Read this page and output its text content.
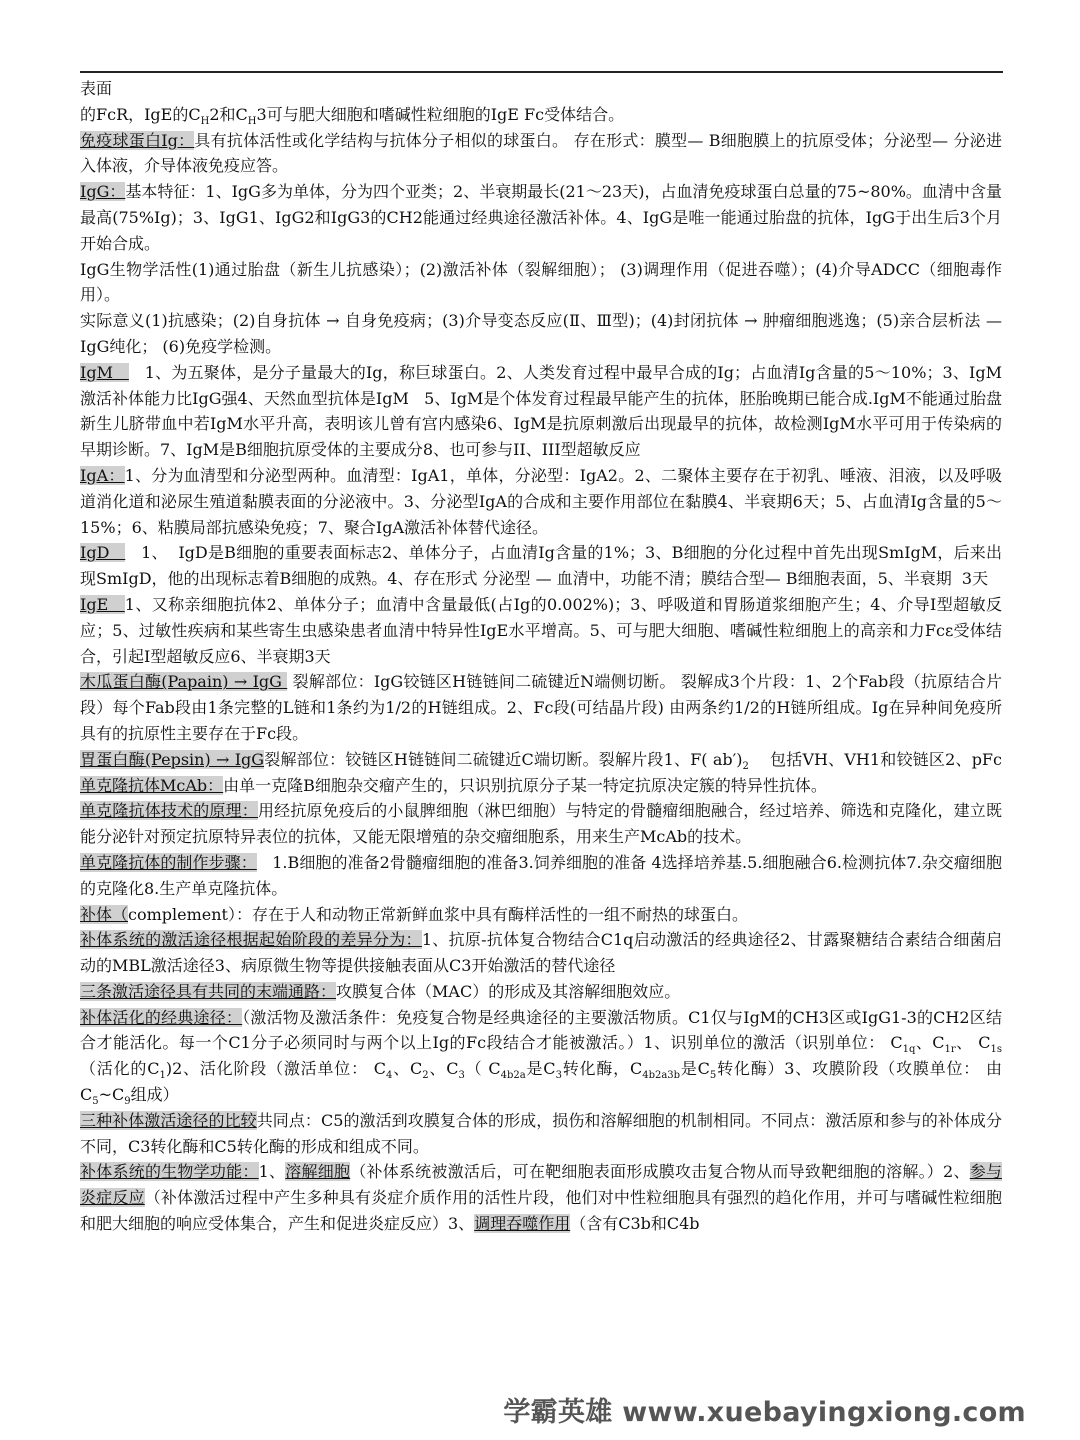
表面

的FcR，IgE的$C_H2$和$C_H3$可与肥大细胞和嗜碱性粒细胞的IgE Fc受体结合。

免疫球蛋白Ig：具有抗体活性或化学结构与抗体分子相似的球蛋白。 存在形式：膜型— B细胞膜上的抗原受体；分泌型— 分泌进入体液，介导体液免疫应答。

IgG：基本特征：1、IgG多为单体，分为四个亚类；2、半衰期最长(21～23天)，占血清免疫球蛋白总量的75~80%。血清中含量最高(75%Ig)；3、IgG1、IgG2和IgG3的CH2能通过经典途径激活补体。4、IgG是唯一能通过胎盘的抗体，IgG于出生后3个月开始合成。

IgG生物学活性(1)通过胎盘（新生儿抗感染）；(2)激活补体（裂解细胞）； (3)调理作用（促进吞噬）；(4)介导ADCC（细胞毒作用）。

实际意义(1)抗感染；(2)自身抗体 → 自身免疫病；(3)介导变态反应(Ⅱ、Ⅲ型)；(4)封闭抗体 → 肿瘤细胞逃逸；(5)亲合层析法 — IgG纯化； (6)免疫学检测。

IgM      1、为五聚体，是分子量最大的Ig，称巨球蛋白。2、人类发育过程中最早合成的Ig；占血清Ig含量的5～10%；3、IgM激活补体能力比IgG强4、天然血型抗体是IgM   5、IgM是个体发育过程最早能产生的抗体，胚胎晚期已能合成.IgM不能通过胎盘新生儿脐带血中若IgM水平升高，表明该儿曾有宫内感染6、IgM是抗原刺激后出现最早的抗体，故检测IgM水平可用于传染病的早期诊断。7、IgM是B细胞抗原受体的主要成分8、也可参与II、III型超敏反应

IgA：1、分为血清型和分泌型两种。血清型：IgA1，单体，分泌型：IgA2。2、二聚体主要存在于初乳、唾液、泪液，以及呼吸道消化道和泌尿生殖道黏膜表面的分泌液中。3、分泌型IgA的合成和主要作用部位在黏膜4、半衰期6天；5、占血清Ig含量的5～15%；6、粘膜局部抗感染免疫；7、聚合IgA激活补体替代途径。

IgD      1、  IgD是B细胞的重要表面标志2、单体分子，占血清Ig含量的1%；3、B细胞的分化过程中首先出现SmIgM，后来出现SmIgD，他的出现标志着B细胞的成熟。4、存在形式 分泌型 — 血清中，功能不清；膜结合型— B细胞表面，5、半衰期  3天

IgE   1、又称亲细胞抗体2、单体分子；血清中含量最低(占Ig的0.002%)；3、呼吸道和胃肠道浆细胞产生；4、介导Ⅰ型超敏反应；5、过敏性疾病和某些寄生虫感染患者血清中特异性IgE水平增高。5、可与肥大细胞、嗜碱性粒细胞上的高亲和力Fcε受体结合，引起Ⅰ型超敏反应6、半衰期3天

木瓜蛋白酶(Papain) → IgG  裂解部位：IgG铰链区H链链间二硫键近N端侧切断。 裂解成3个片段：1、2个Fab段（抗原结合片段）每个Fab段由1条完整的L链和1条约为1/2的H链组成。2、Fc段(可结晶片段) 由两条约1/2的H链所组成。Ig在异种间免疫所具有的抗原性主要存在于Fc段。

胃蛋白酶(Pepsin) → IgG裂解部位：铰链区H链链间二硫键近C端切断。裂解片段1、F( $ab')_2$    包括VH、VH1和铰链区2、pFc单克隆抗体McAb：由单一克隆B细胞杂交瘤产生的，只识别抗原分子某一特定抗原决定簇的特异性抗体。

单克隆抗体技术的原理：用经抗原免疫后的小鼠脾细胞（淋巴细胞）与特定的骨髓瘤细胞融合，经过培养、筛选和克隆化，建立既能分泌针对预定抗原特异表位的抗体，又能无限增殖的杂交瘤细胞系，用来生产McAb的技术。

单克隆抗体的制作步骤：   1.B细胞的准备2骨髓瘤细胞的准备3.饲养细胞的准备 4选择培养基.5.细胞融合6.检测抗体7.杂交瘤细胞的克隆化8.生产单克隆抗体。

补体（complement）：存在于人和动物正常新鲜血浆中具有酶样活性的一组不耐热的球蛋白。

补体系统的激活途径根据起始阶段的差异分为：1、抗原-抗体复合物结合C1q启动激活的经典途径2、甘露聚糖结合素结合细菌启动的MBL激活途径3、病原微生物等提供接触表面从C3开始激活的替代途径

三条激活途径具有共同的末端通路：攻膜复合体（MAC）的形成及其溶解细胞效应。

补体活化的经典途径：（激活物及激活条件：免疫复合物是经典途径的主要激活物质。C1仅与IgM的CH3区或IgG1-3的CH2区结合才能活化。每一个C1分子必须同时与两个以上Ig的Fc段结合才能被激活。）1、识别单位的激活（识别单位： $C_{1q}$、$C_{1r}$、 $C_{1s}$（活化的$C_1)2$、活化阶段（激活单位： $C_4$、$C_2$、$C_3$（ $C_{4b2a}$是$C_3$转化酶，$C_{4b2a3b}$是$C_5$转化酶）3、攻膜阶段（攻膜单位： 由$C_5\sim C_9$组成）

三种补体激活途径的比较共同点：C5的激活到攻膜复合体的形成，损伤和溶解细胞的机制相同。不同点：激活原和参与的补体成分不同，C3转化酶和C5转化酶的形成和组成不同。

补体系统的生物学功能：1、溶解细胞（补体系统被激活后，可在靶细胞表面形成膜攻击复合物从而导致靶细胞的溶解。）2、参与炎症反应（补体激活过程中产生多种具有炎症介质作用的活性片段，他们对中性粒细胞具有强烈的趋化作用，并可与嗜碱性粒细胞和肥大细胞的响应受体集合，产生和促进炎症反应）3、调理吞噬作用（含有C3b和C4b

学霸英雄 www.xuebayingxiong.com
